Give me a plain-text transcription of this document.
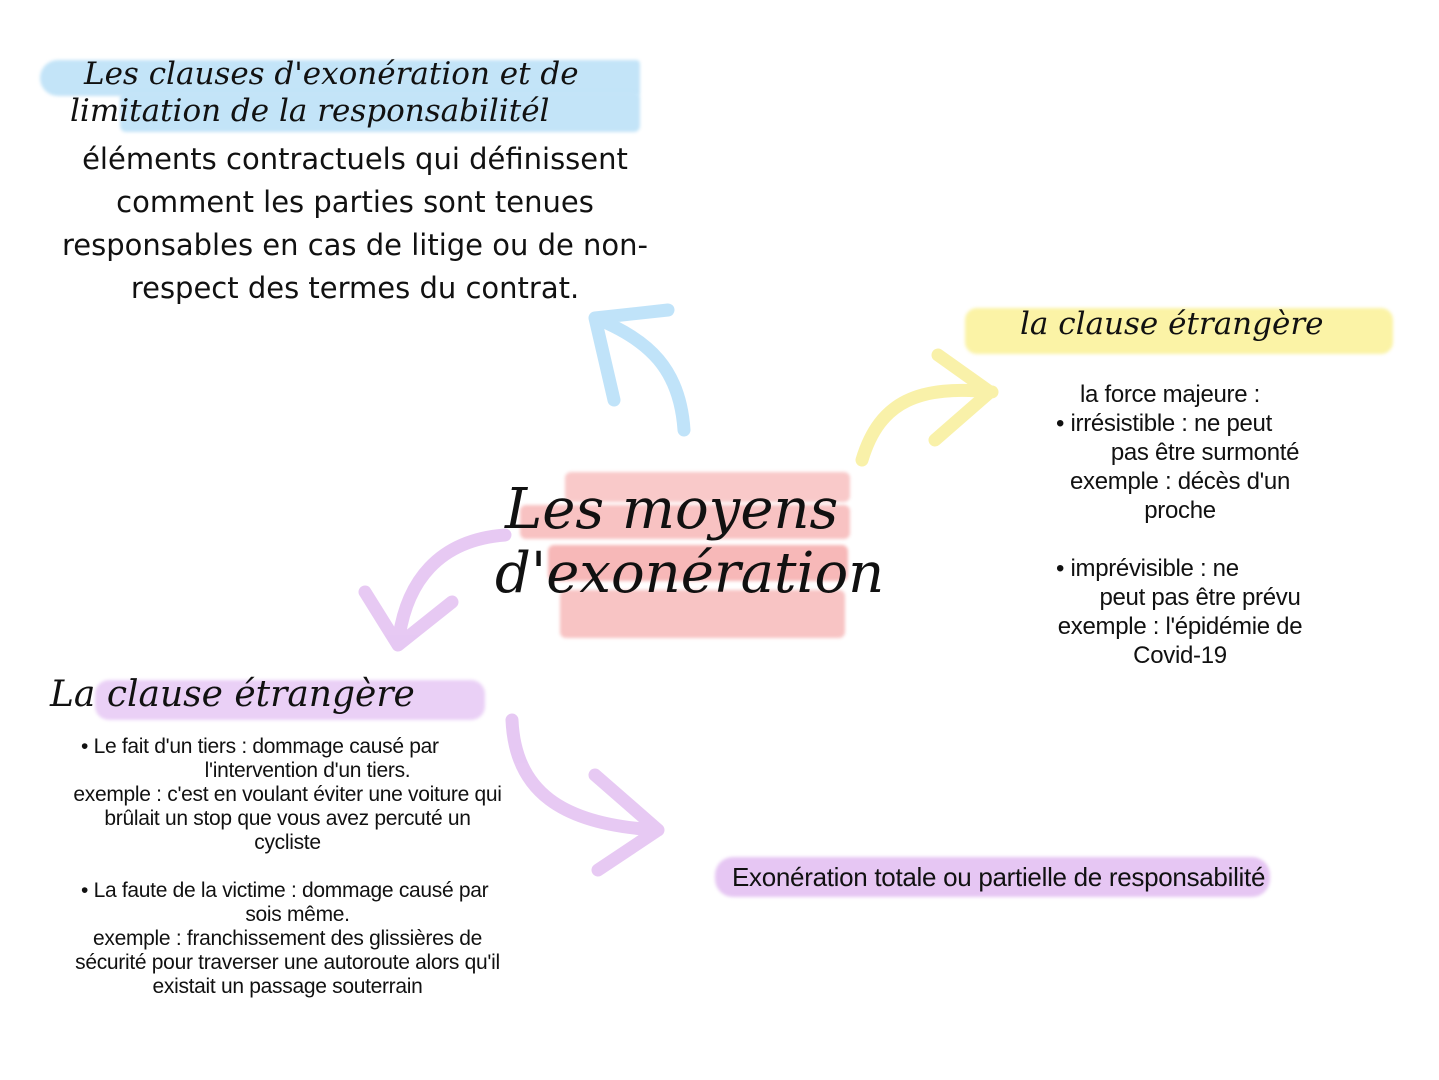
Les clauses d'exonération et de
limitation de la responsabilitél
éléments contractuels qui définissent
comment les parties sont tenues
responsables en cas de litige ou de non-
respect des termes du contrat.
Les moyens
d'exonération
la clause étrangère
la force majeure :
• irrésistible : ne peut
pas être surmonté
exemple : décès d'un
proche
• imprévisible : ne
peut pas être prévu
exemple : l'épidémie de
Covid-19
La clause étrangère
• Le fait d'un tiers : dommage causé par
l'intervention d'un tiers.
exemple : c'est en voulant éviter une voiture qui
brûlait un stop que vous avez percuté un
cycliste
• La faute de la victime : dommage causé par
sois même.
exemple : franchissement des glissières de
sécurité pour traverser une autoroute alors qu'il
existait un passage souterrain
Exonération totale ou partielle de responsabilité
